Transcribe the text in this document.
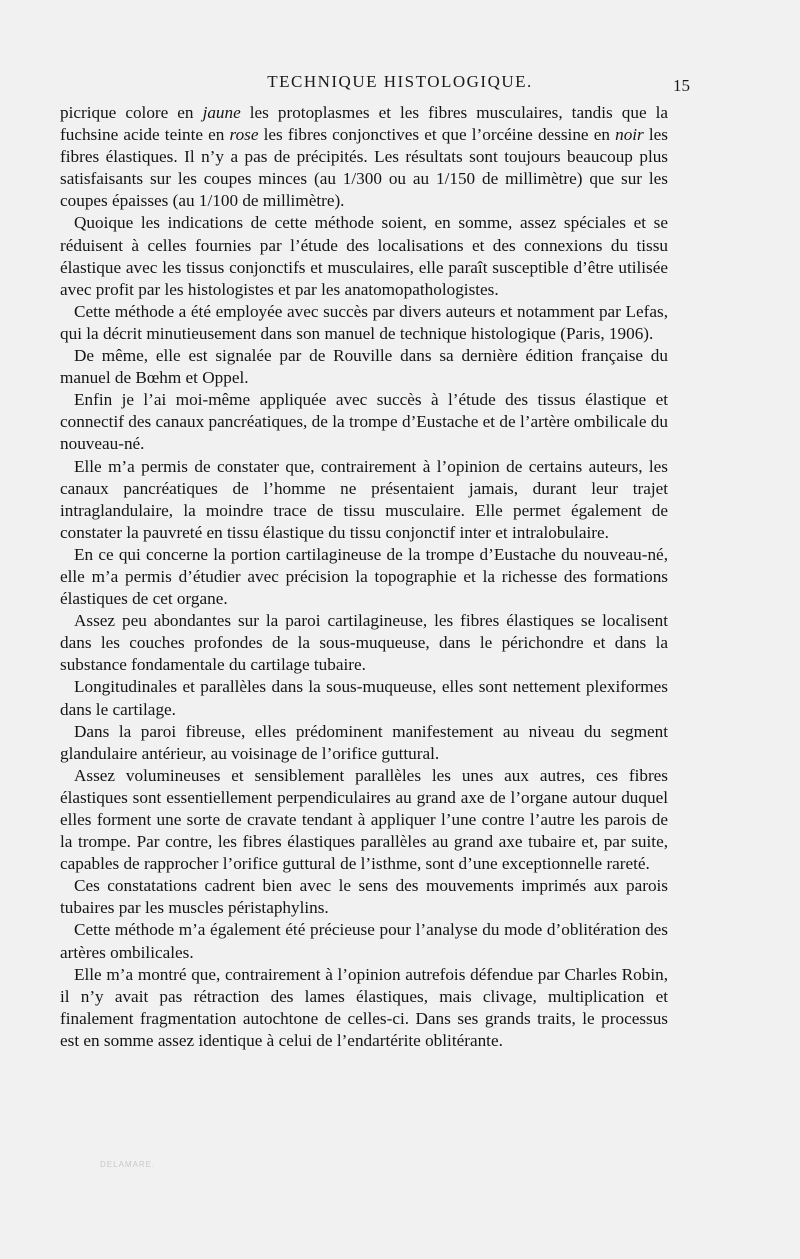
TECHNIQUE HISTOLOGIQUE.	15

picrique colore en jaune les protoplasmes et les fibres musculaires, tandis que la fuchsine acide teinte en rose les fibres conjonctives et que l’orcéine dessine en noir les fibres élastiques. Il n’y a pas de précipités. Les résultats sont toujours beaucoup plus satisfaisants sur les coupes minces (au 1/300 ou au 1/150 de millimètre) que sur les coupes épaisses (au 1/100 de millimètre).

Quoique les indications de cette méthode soient, en somme, assez spéciales et se réduisent à celles fournies par l’étude des localisations et des connexions du tissu élastique avec les tissus conjonctifs et musculaires, elle paraît susceptible d’être utilisée avec profit par les histologistes et par les anatomopathologistes.

Cette méthode a été employée avec succès par divers auteurs et notamment par Lefas, qui la décrit minutieusement dans son manuel de technique histologique (Paris, 1906).

De même, elle est signalée par de Rouville dans sa dernière édition française du manuel de Bœhm et Oppel.

Enfin je l’ai moi-même appliquée avec succès à l’étude des tissus élastique et connectif des canaux pancréatiques, de la trompe d’Eustache et de l’artère ombilicale du nouveau-né.

Elle m’a permis de constater que, contrairement à l’opinion de certains auteurs, les canaux pancréatiques de l’homme ne présentaient jamais, durant leur trajet intraglandulaire, la moindre trace de tissu musculaire. Elle permet également de constater la pauvreté en tissu élastique du tissu conjonctif inter et intralobulaire.

En ce qui concerne la portion cartilagineuse de la trompe d’Eustache du nouveau-né, elle m’a permis d’étudier avec précision la topographie et la richesse des formations élastiques de cet organe.

Assez peu abondantes sur la paroi cartilagineuse, les fibres élastiques se localisent dans les couches profondes de la sous-muqueuse, dans le périchondre et dans la substance fondamentale du cartilage tubaire.

Longitudinales et parallèles dans la sous-muqueuse, elles sont nettement plexiformes dans le cartilage.

Dans la paroi fibreuse, elles prédominent manifestement au niveau du segment glandulaire antérieur, au voisinage de l’orifice guttural.

Assez volumineuses et sensiblement parallèles les unes aux autres, ces fibres élastiques sont essentiellement perpendiculaires au grand axe de l’organe autour duquel elles forment une sorte de cravate tendant à appliquer l’une contre l’autre les parois de la trompe. Par contre, les fibres élastiques parallèles au grand axe tubaire et, par suite, capables de rapprocher l’orifice guttural de l’isthme, sont d’une exceptionnelle rareté.

Ces constatations cadrent bien avec le sens des mouvements imprimés aux parois tubaires par les muscles péristaphylins.

Cette méthode m’a également été précieuse pour l’analyse du mode d’oblitération des artères ombilicales.

Elle m’a montré que, contrairement à l’opinion autrefois défendue par Charles Robin, il n’y avait pas rétraction des lames élastiques, mais clivage, multiplication et finalement fragmentation autochtone de celles-ci. Dans ses grands traits, le processus est en somme assez identique à celui de l’endartérite oblitérante.

DELAMARE.
